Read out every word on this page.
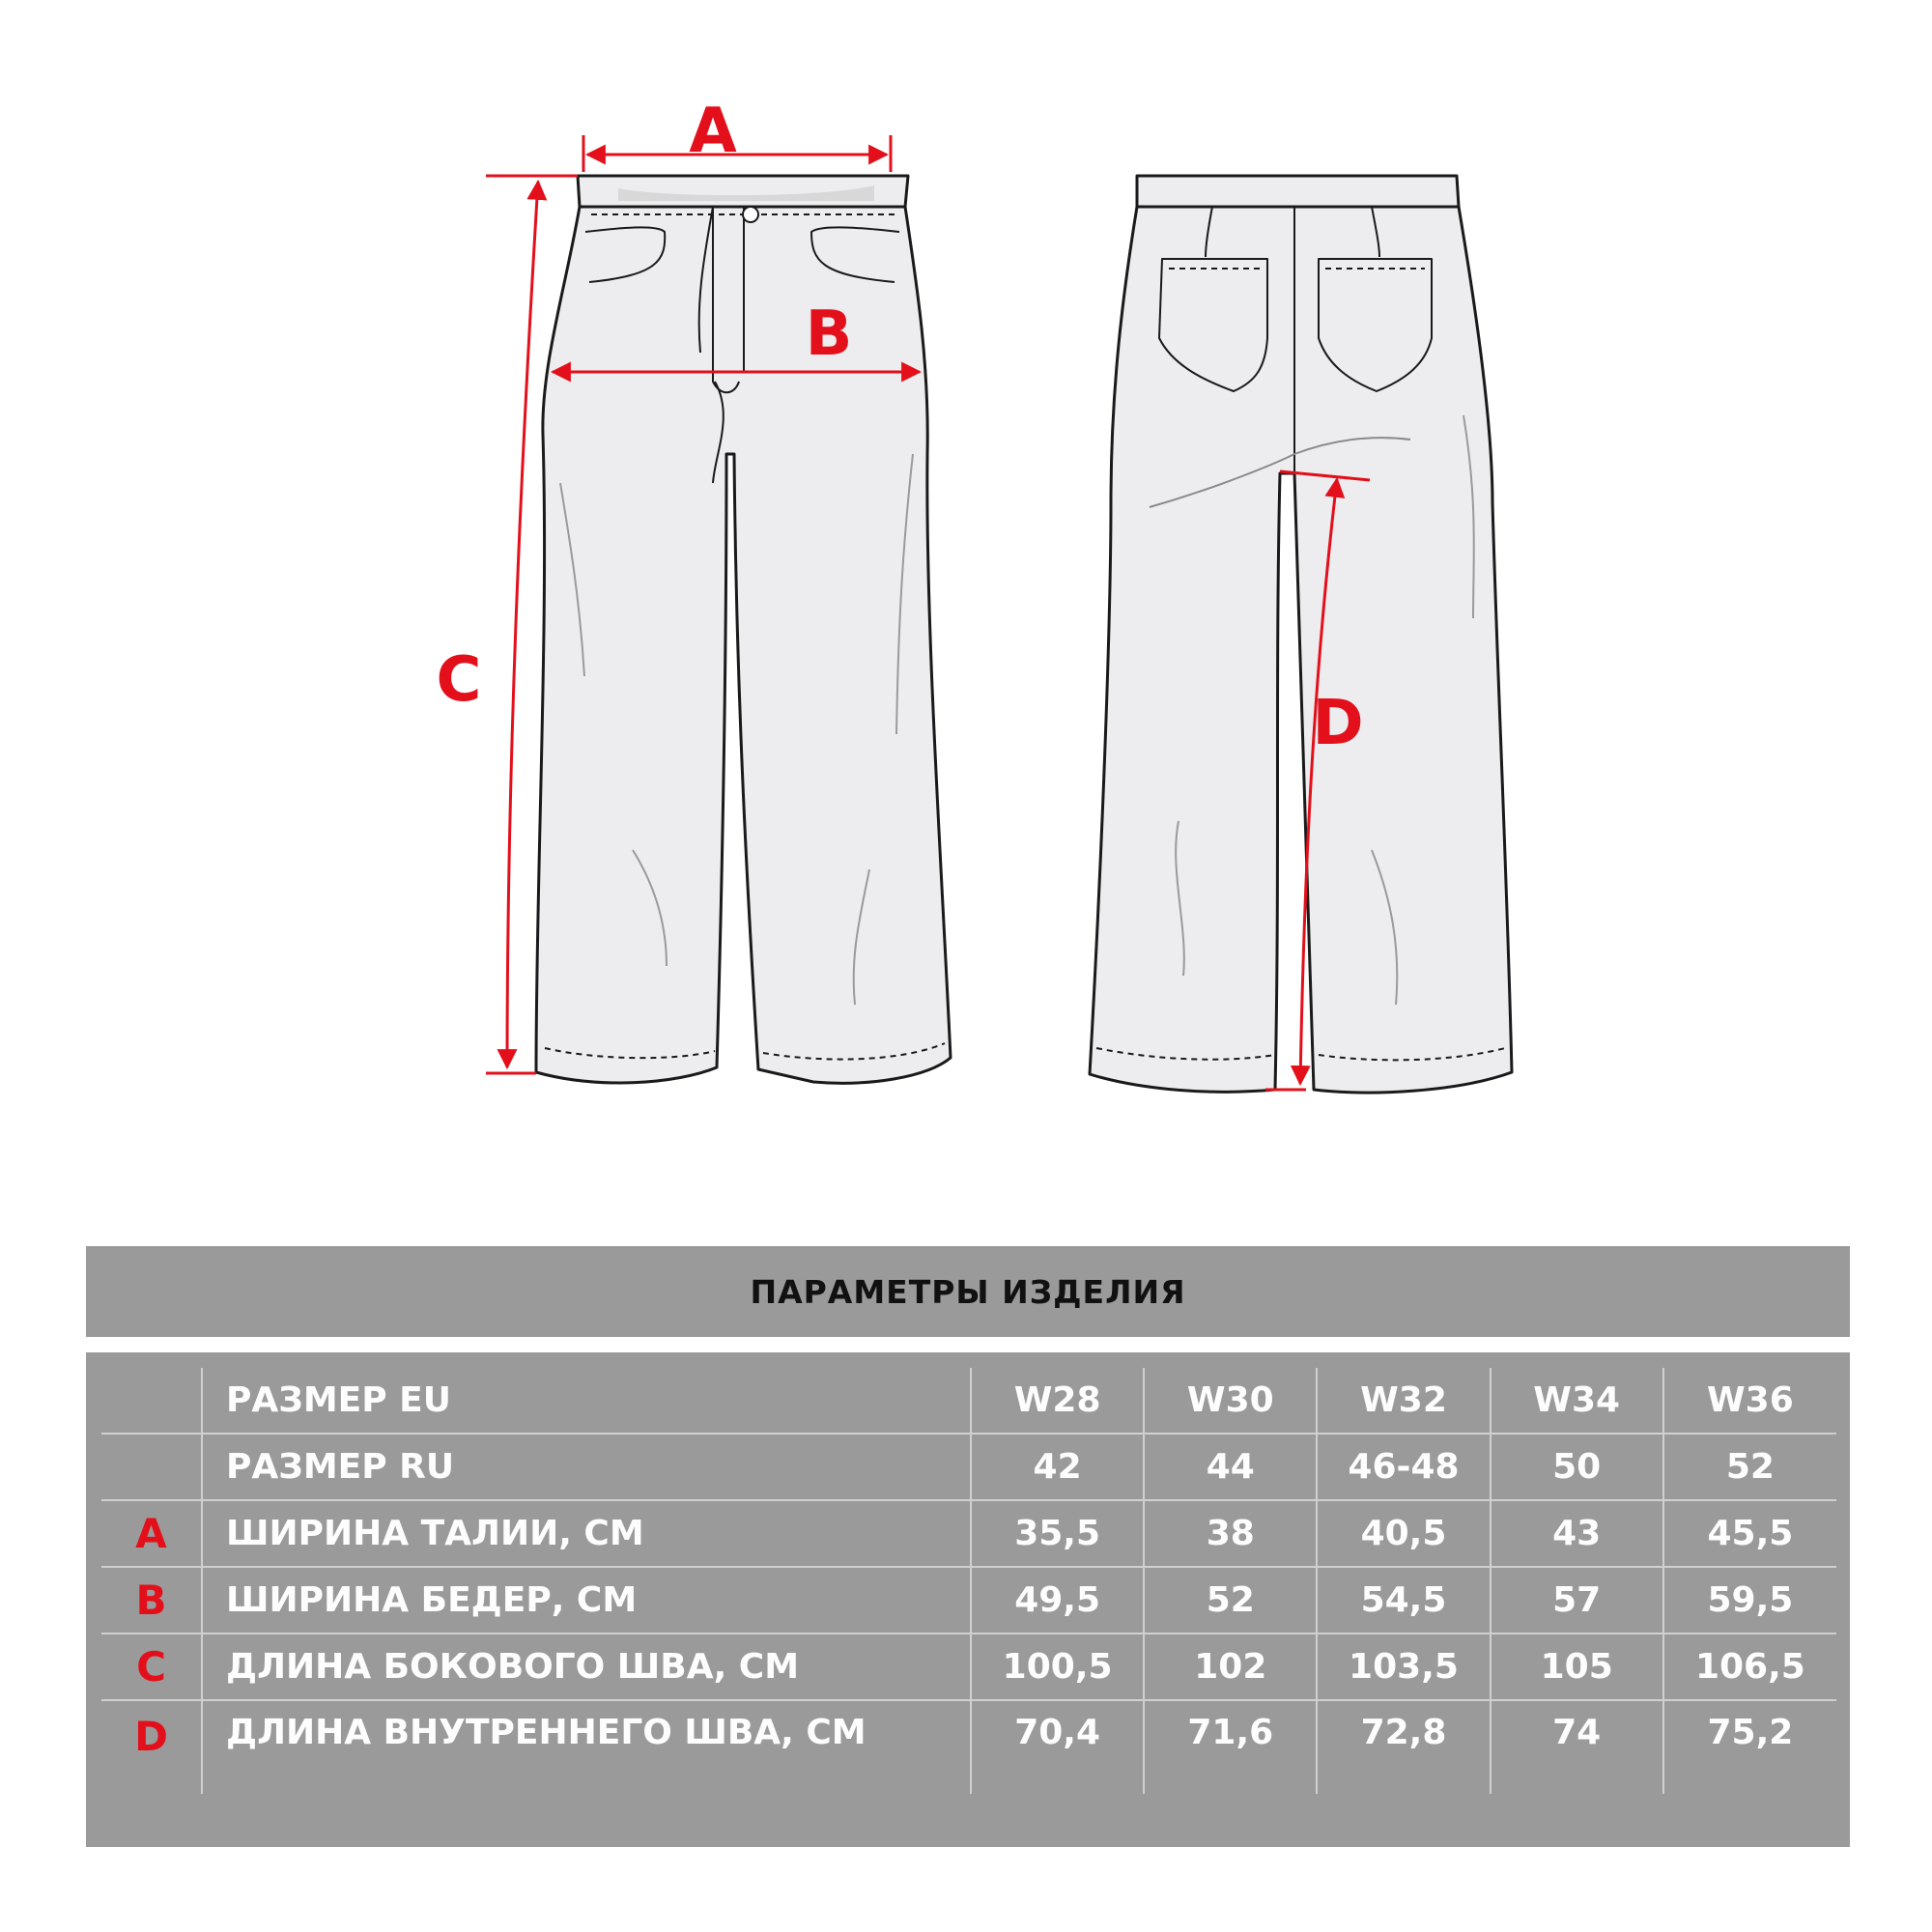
A
B
C
D
ПАРАМЕТРЫ ИЗДЕЛИЯ
	РАЗМЕР EU	W28	W30	W32	W34	W36
	РАЗМЕР RU	42	44	46-48	50	52
A	ШИРИНА ТАЛИИ, СМ	35,5	38	40,5	43	45,5
B	ШИРИНА БЕДЕР, СМ	49,5	52	54,5	57	59,5
C	ДЛИНА БОКОВОГО ШВА, СМ	100,5	102	103,5	105	106,5
D	ДЛИНА ВНУТРЕННЕГО ШВА, СМ	70,4	71,6	72,8	74	75,2
